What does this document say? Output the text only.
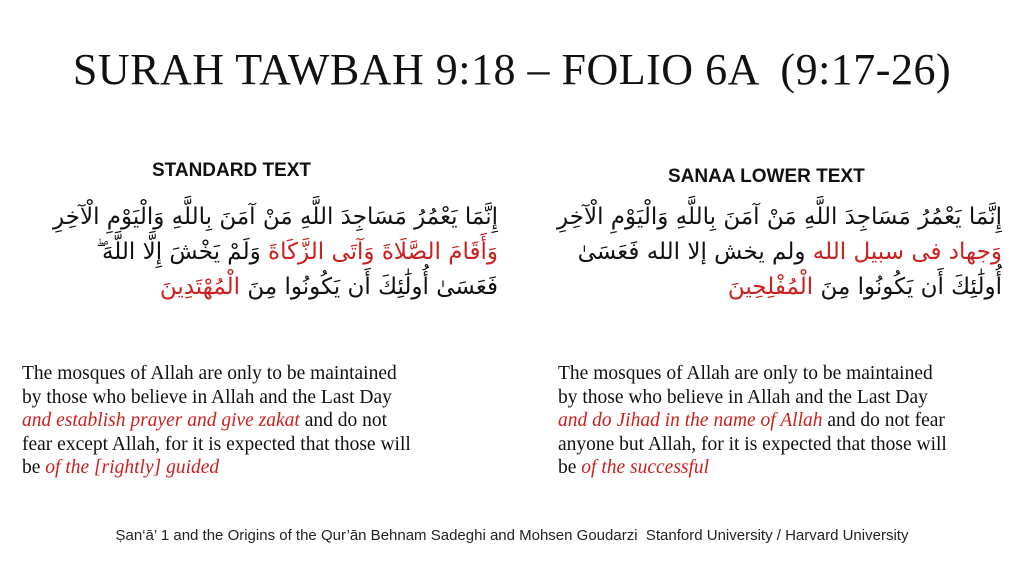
SURAH TAWBAH 9:18 – FOLIO 6A  (9:17-26)
STANDARD TEXT
إِنَّمَا يَعْمُرُ مَسَاجِدَ اللَّهِ مَنْ آمَنَ بِاللَّهِ وَالْيَوْمِ الْآخِرِ
وَأَقَامَ الصَّلَاةَ وَآتَى الزَّكَاةَ وَلَمْ يَخْشَ إِلَّا اللَّهَ ۖ
فَعَسَىٰ أُولَٰئِكَ أَن يَكُونُوا مِنَ الْمُهْتَدِينَ
The mosques of Allah are only to be maintained
by those who believe in Allah and the Last Day
and establish prayer and give zakat and do not
fear except Allah, for it is expected that those will
be of the [rightly] guided
SANAA LOWER TEXT
إِنَّمَا يَعْمُرُ مَسَاجِدَ اللَّهِ مَنْ آمَنَ بِاللَّهِ وَالْيَوْمِ الْآخِرِ
وَجهاد فى سبيل الله ولم يخش إلا الله فَعَسَىٰ
أُولَٰئِكَ أَن يَكُونُوا مِنَ الْمُفْلِحِينَ
The mosques of Allah are only to be maintained
by those who believe in Allah and the Last Day
and do Jihad in the name of Allah and do not fear
anyone but Allah, for it is expected that those will
be of the successful
Ṣan‘ā’ 1 and the Origins of the Qur’ān Behnam Sadeghi and Mohsen Goudarzi  Stanford University / Harvard University
